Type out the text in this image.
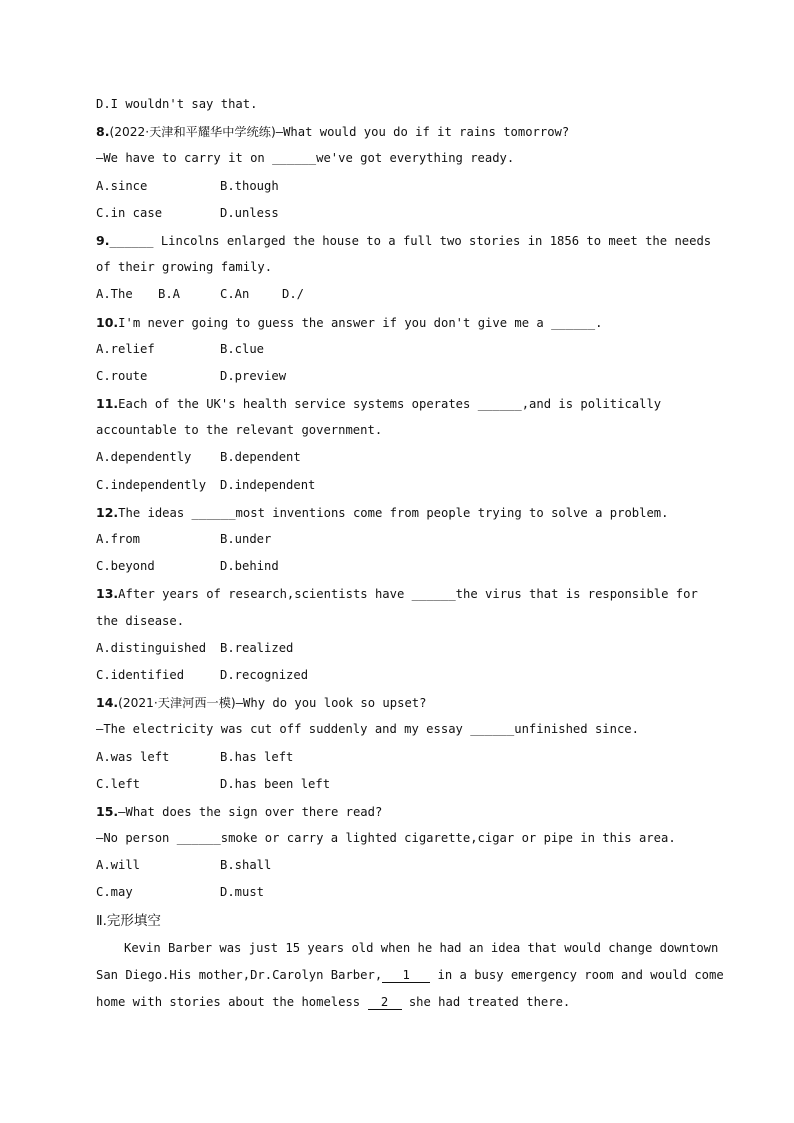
D.I wouldn't say that.
8.(2022·天津和平耀华中学统练)—What would you do if it rains tomorrow?
—We have to carry it on ______we've got everything ready.
A.since	B.though
C.in case	D.unless
9.______ Lincolns enlarged the house to a full two stories in 1856 to meet the needs
of their growing family.
A.The	B.A	C.An	D./
10.I'm never going to guess the answer if you don't give me a ______.
A.relief	B.clue
C.route	D.preview
11.Each of the UK's health service systems operates ______,and is politically
accountable to the relevant government.
A.dependently	B.dependent
C.independently	D.independent
12.The ideas ______most inventions come from people trying to solve a problem.
A.from	B.under
C.beyond	D.behind
13.After years of research,scientists have ______the virus that is responsible for
the disease.
A.distinguished	B.realized
C.identified	D.recognized
14.(2021·天津河西一模)—Why do you look so upset?
—The electricity was cut off suddenly and my essay ______unfinished since.
A.was left	B.has left
C.left	D.has been left
15.—What does the sign over there read?
—No person ______smoke or carry a lighted cigarette,cigar or pipe in this area.
A.will	B.shall
C.may	D.must
Ⅱ.完形填空
Kevin Barber was just 15 years old when he had an idea that would change downtown
San Diego.His mother,Dr.Carolyn Barber, 1 in a busy emergency room and would come
home with stories about the homeless 2 she had treated there.
